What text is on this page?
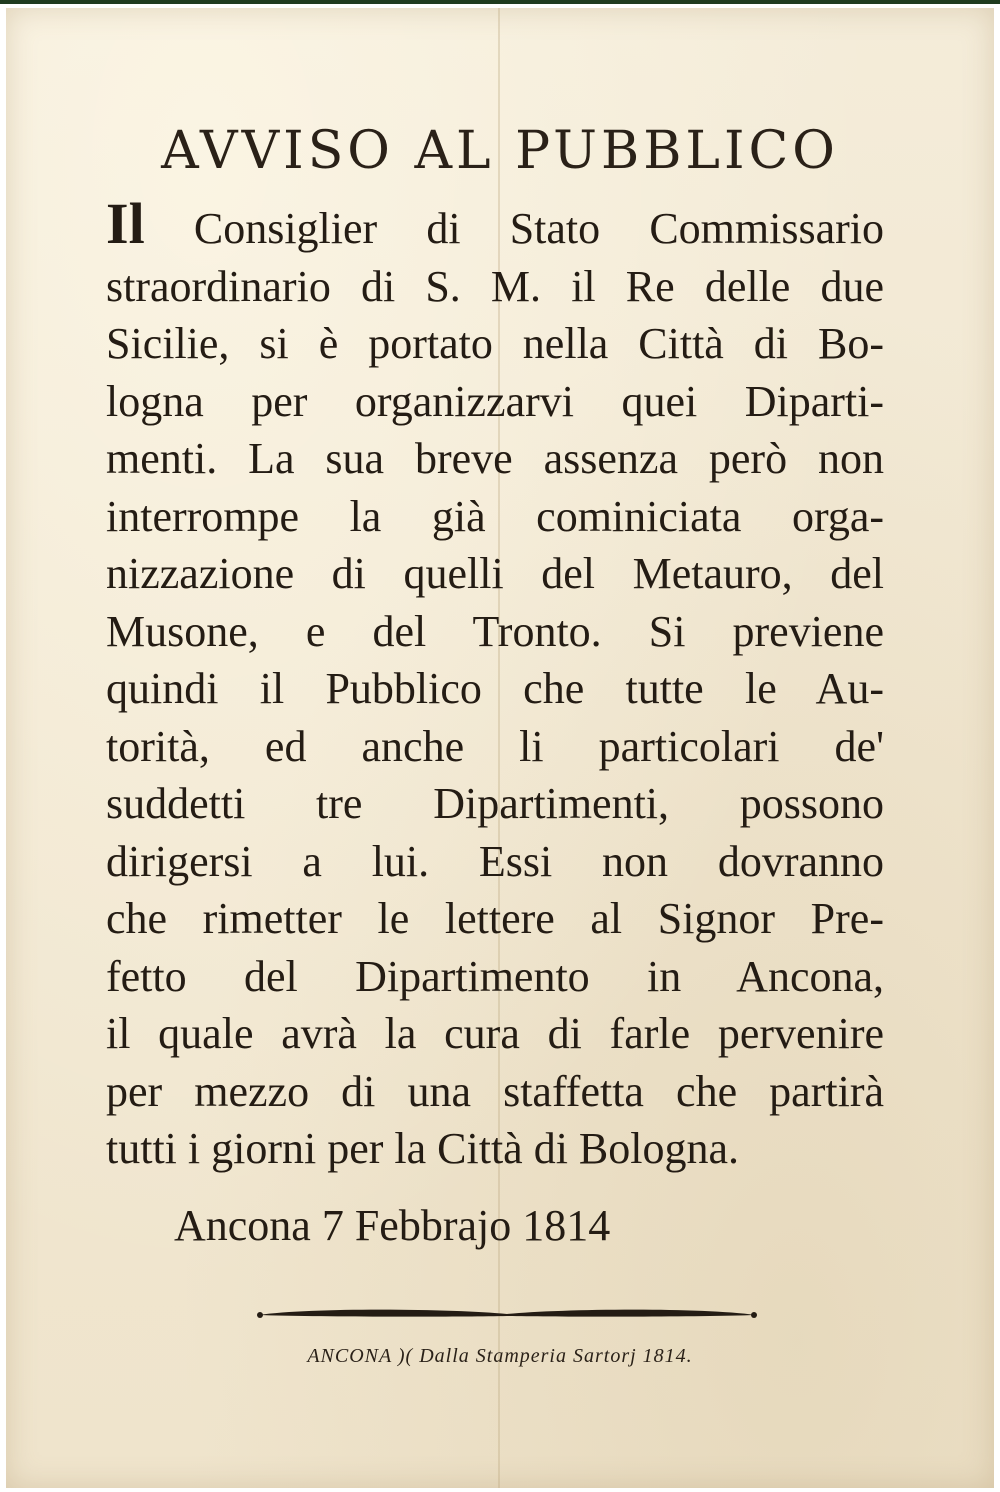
AVVISO AL PUBBLICO
Il Consiglier di Stato Commissario
straordinario di S. M. il Re delle due
Sicilie, si è portato nella Città di Bo-
logna per organizzarvi quei Diparti-
menti. La sua breve assenza però non
interrompe la già cominiciata orga-
nizzazione di quelli del Metauro, del
Musone, e del Tronto. Si previene
quindi il Pubblico che tutte le Au-
torità, ed anche li particolari de'
suddetti tre Dipartimenti, possono
dirigersi a lui. Essi non dovranno
che rimetter le lettere al Signor Pre-
fetto del Dipartimento in Ancona,
il quale avrà la cura di farle pervenire
per mezzo di una staffetta che partirà
tutti i giorni per la Città di Bologna.
Ancona 7 Febbrajo 1814
ANCONA )( Dalla Stamperia Sartorj 1814.
